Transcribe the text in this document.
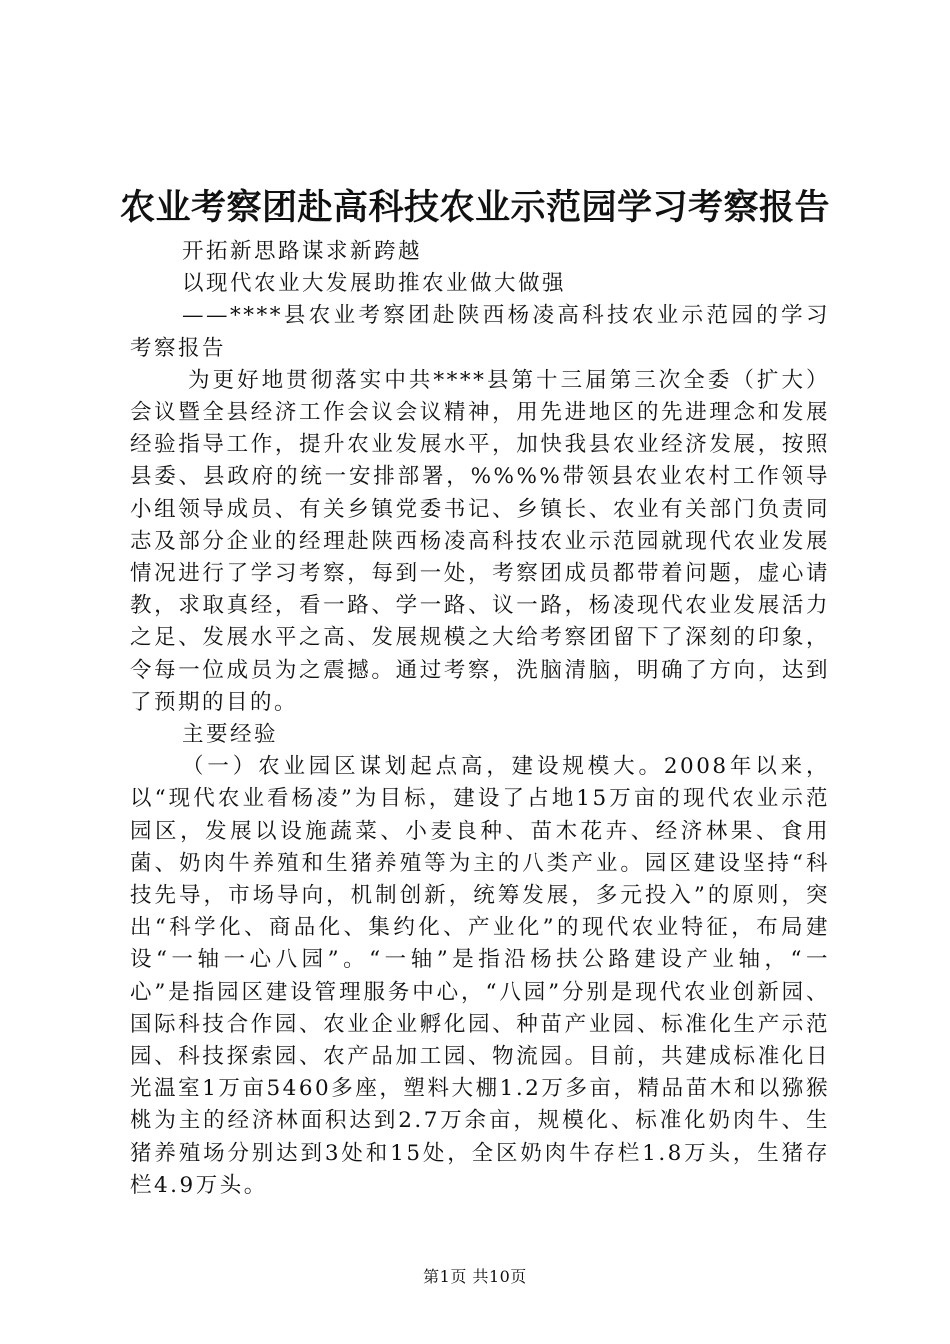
农业考察团赴高科技农业示范园学习考察报告

开拓新思路谋求新跨越

以现代农业大发展助推农业做大做强

——****县农业考察团赴陕西杨凌高科技农业示范园的学习考察报告

为更好地贯彻落实中共****县第十三届第三次全委（扩大）会议暨全县经济工作会议会议精神，用先进地区的先进理念和发展经验指导工作，提升农业发展水平，加快我县农业经济发展，按照县委、县政府的统一安排部署，%%%%带领县农业农村工作领导小组领导成员、有关乡镇党委书记、乡镇长、农业有关部门负责同志及部分企业的经理赴陕西杨凌高科技农业示范园就现代农业发展情况进行了学习考察，每到一处，考察团成员都带着问题，虚心请教，求取真经，看一路、学一路、议一路，杨凌现代农业发展活力之足、发展水平之高、发展规模之大给考察团留下了深刻的印象，令每一位成员为之震撼。通过考察，洗脑清脑，明确了方向，达到了预期的目的。

主要经验

（一）农业园区谋划起点高，建设规模大。2008年以来，以“现代农业看杨凌”为目标，建设了占地15万亩的现代农业示范园区，发展以设施蔬菜、小麦良种、苗木花卉、经济林果、食用菌、奶肉牛养殖和生猪养殖等为主的八类产业。园区建设坚持“科技先导，市场导向，机制创新，统筹发展，多元投入”的原则，突出“科学化、商品化、集约化、产业化”的现代农业特征，布局建设“一轴一心八园”。“一轴”是指沿杨扶公路建设产业轴，“一心”是指园区建设管理服务中心，“八园”分别是现代农业创新园、国际科技合作园、农业企业孵化园、种苗产业园、标准化生产示范园、科技探索园、农产品加工园、物流园。目前，共建成标准化日光温室1万亩5460多座，塑料大棚1.2万多亩，精品苗木和以猕猴桃为主的经济林面积达到2.7万余亩，规模化、标准化奶肉牛、生猪养殖场分别达到3处和15处，全区奶肉牛存栏1.8万头，生猪存栏4.9万头。

第1页 共10页
